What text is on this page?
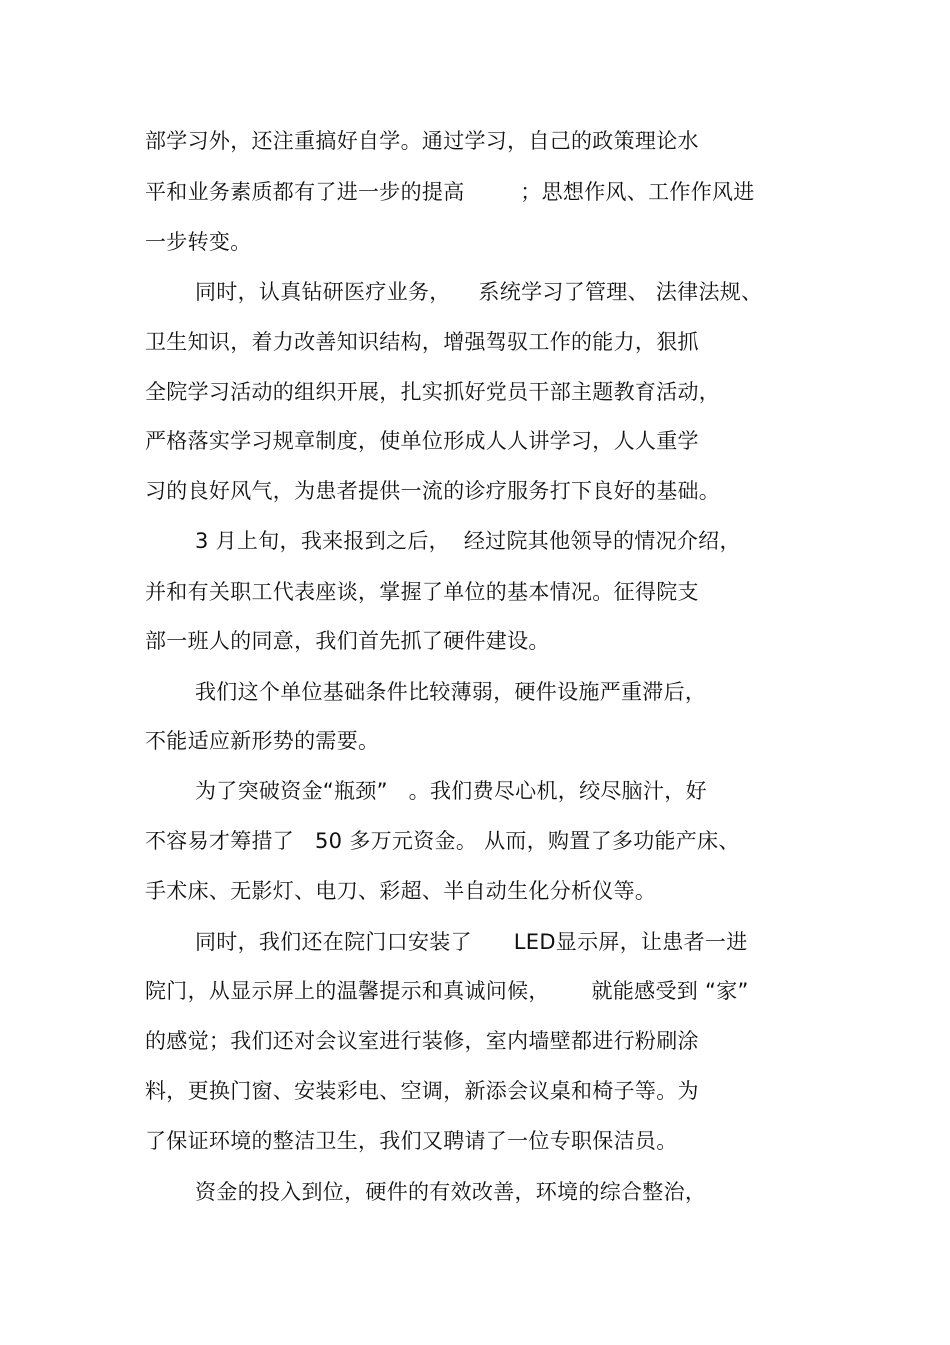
部学习外，还注重搞好自学。通过学习，自己的政策理论水
平和业务素质都有了进一步的提高        ；思想作风、工作作风进
一步转变。
同时，认真钻研医疗业务，    系统学习了管理、 法律法规、
卫生知识，着力改善知识结构，增强驾驭工作的能力，狠抓
全院学习活动的组织开展，扎实抓好党员干部主题教育活动，
严格落实学习规章制度，使单位形成人人讲学习，人人重学
习的良好风气，为患者提供一流的诊疗服务打下良好的基础。
3 月上旬，我来报到之后，  经过院其他领导的情况介绍，
并和有关职工代表座谈，掌握了单位的基本情况。征得院支
部一班人的同意，我们首先抓了硬件建设。
我们这个单位基础条件比较薄弱，硬件设施严重滞后，
不能适应新形势的需要。
为了突破资金“瓶颈”   。我们费尽心机，绞尽脑汁，好
不容易才筹措了   50 多万元资金。 从而，购置了多功能产床、
手术床、无影灯、电刀、彩超、半自动生化分析仪等。
同时，我们还在院门口安装了      LED显示屏，让患者一进
院门，从显示屏上的温馨提示和真诚问候，      就能感受到 “家”
的感觉；我们还对会议室进行装修，室内墙壁都进行粉刷涂
料，更换门窗、安装彩电、空调，新添会议桌和椅子等。为
了保证环境的整洁卫生，我们又聘请了一位专职保洁员。
资金的投入到位，硬件的有效改善，环境的综合整治，
